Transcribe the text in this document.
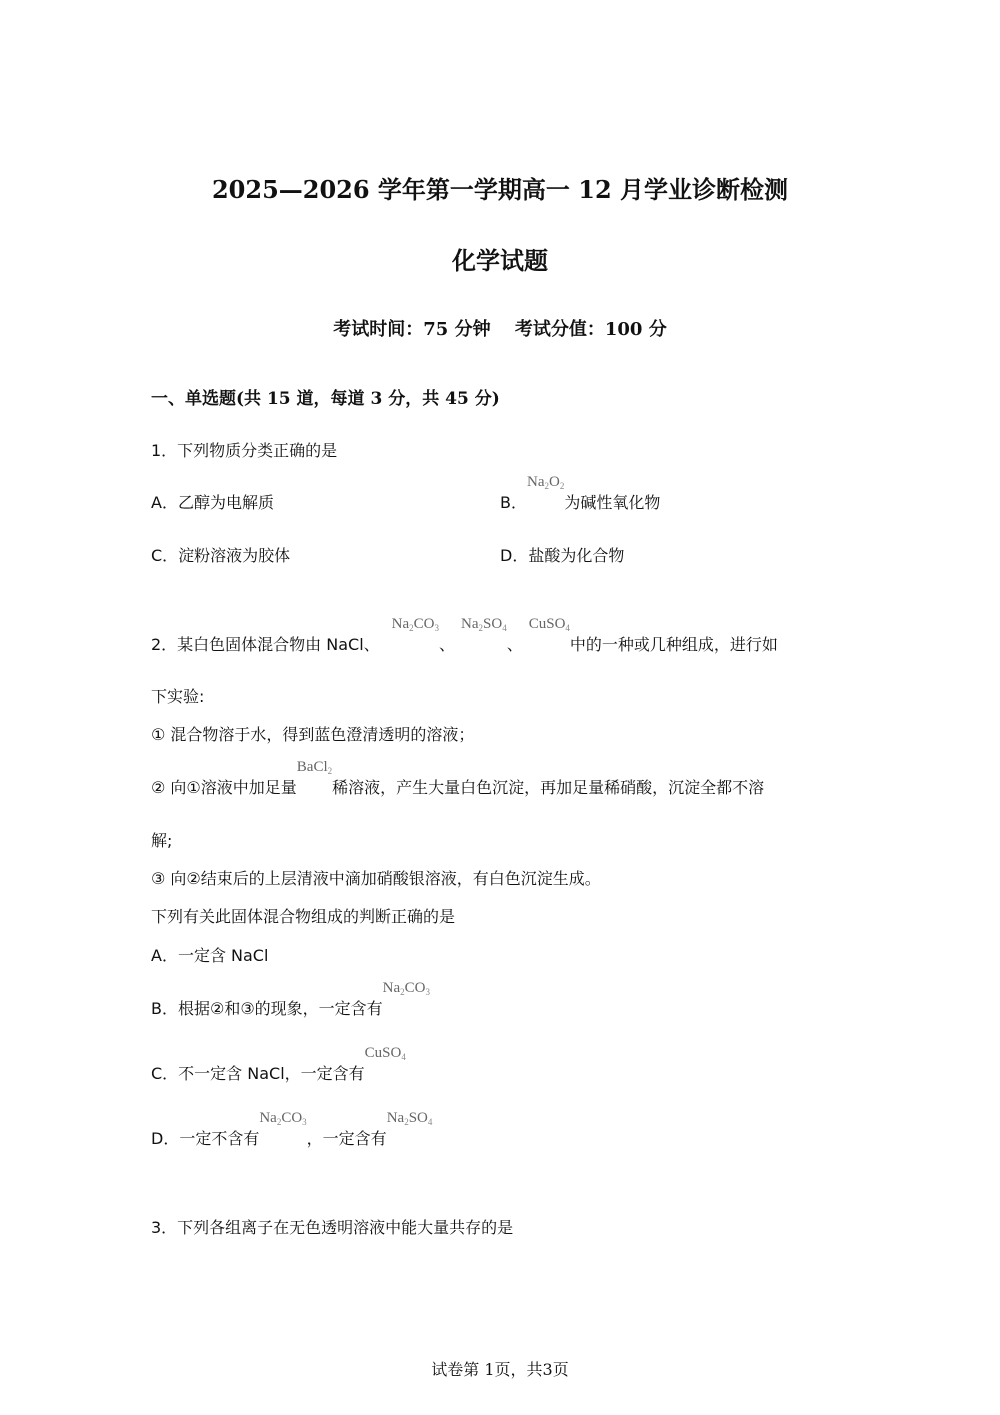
2025—2026 学年第一学期高一 12 月学业诊断检测
化学试题
考试时间：75 分钟　 考试分值：100 分
一、单选题(共 15 道，每道 3 分，共 45 分)
1．下列物质分类正确的是
A．乙醇为电解质	B．$Na_2O_2$为碱性氧化物
C．淀粉溶液为胶体	D．盐酸为化合物
2．某白色固体混合物由 NaCl、$Na_2CO_3$、$Na_2SO_4$、CuSO$_4$中的一种或几种组成，进行如
下实验:
① 混合物溶于水，得到蓝色澄清透明的溶液；
② 向①溶液中加足量BaCl$_2$稀溶液，产生大量白色沉淀，再加足量稀硝酸，沉淀全都不溶
解;
③ 向②结束后的上层清液中滴加硝酸银溶液，有白色沉淀生成。
下列有关此固体混合物组成的判断正确的是
A．一定含 NaCl
B．根据②和③的现象，一定含有$Na_2CO_3$
C．不一定含 NaCl，一定含有CuSO$_4$
D．一定不含有$Na_2CO_3$，一定含有$Na_2SO_4$
3．下列各组离子在无色透明溶液中能大量共存的是
试卷第 1页，共3页
